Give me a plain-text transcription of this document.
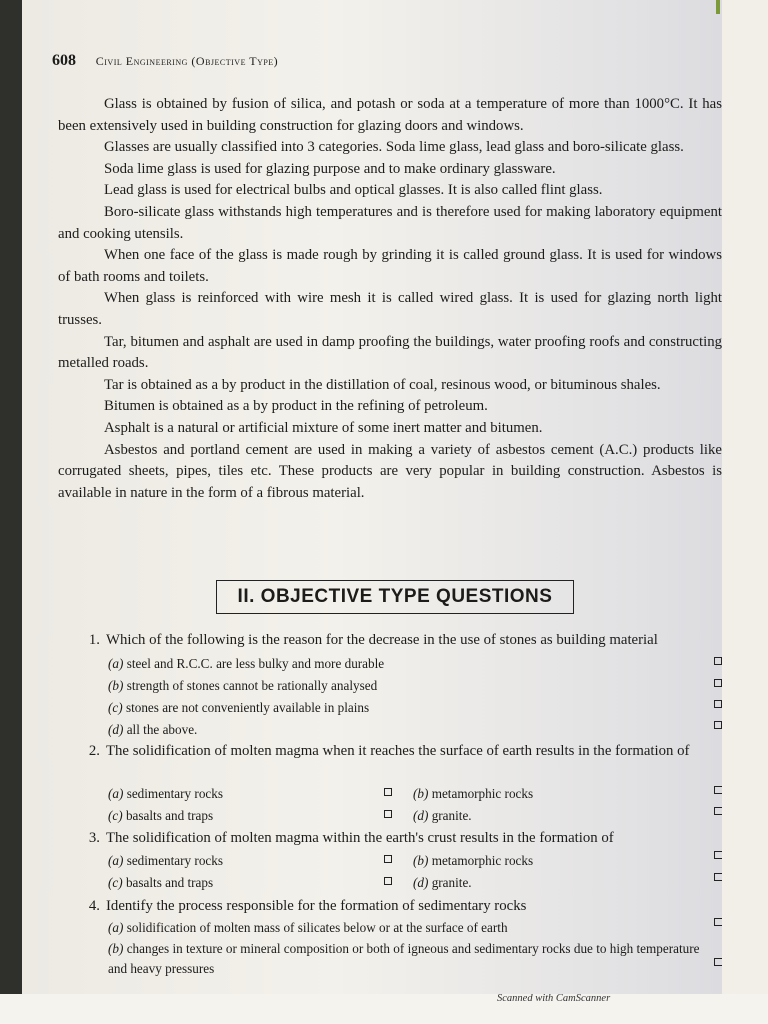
608 Civil Engineering (Objective Type)

Glass is obtained by fusion of silica, and potash or soda at a temperature of more than 1000°C. It has been extensively used in building construction for glazing doors and windows.

Glasses are usually classified into 3 categories. Soda lime glass, lead glass and boro-silicate glass.

Soda lime glass is used for glazing purpose and to make ordinary glassware.

Lead glass is used for electrical bulbs and optical glasses. It is also called flint glass.

Boro-silicate glass withstands high temperatures and is therefore used for making laboratory equipment and cooking utensils.

When one face of the glass is made rough by grinding it is called ground glass. It is used for windows of bath rooms and toilets.

When glass is reinforced with wire mesh it is called wired glass. It is used for glazing north light trusses.

Tar, bitumen and asphalt are used in damp proofing the buildings, water proofing roofs and constructing metalled roads.

Tar is obtained as a by product in the distillation of coal, resinous wood, or bituminous shales.

Bitumen is obtained as a by product in the refining of petroleum.

Asphalt is a natural or artificial mixture of some inert matter and bitumen.

Asbestos and portland cement are used in making a variety of asbestos cement (A.C.) products like corrugated sheets, pipes, tiles etc. These products are very popular in building construction. Asbestos is available in nature in the form of a fibrous material.

II. OBJECTIVE TYPE QUESTIONS
1. Which of the following is the reason for the decrease in the use of stones as building material
(a) steel and R.C.C. are less bulky and more durable
(b) strength of stones cannot be rationally analysed
(c) stones are not conveniently available in plains
(d) all the above.
2. The solidification of molten magma when it reaches the surface of earth results in the formation of
(a) sedimentary rocks	(b) metamorphic rocks
(c) basalts and traps	(d) granite.
3. The solidification of molten magma within the earth's crust results in the formation of
(a) sedimentary rocks	(b) metamorphic rocks
(c) basalts and traps	(d) granite.
4. Identify the process responsible for the formation of sedimentary rocks
(a) solidification of molten mass of silicates below or at the surface of earth
(b) changes in texture or mineral composition or both of igneous and sedimentary rocks due to high temperature and heavy pressures
Scanned with CamScanner
